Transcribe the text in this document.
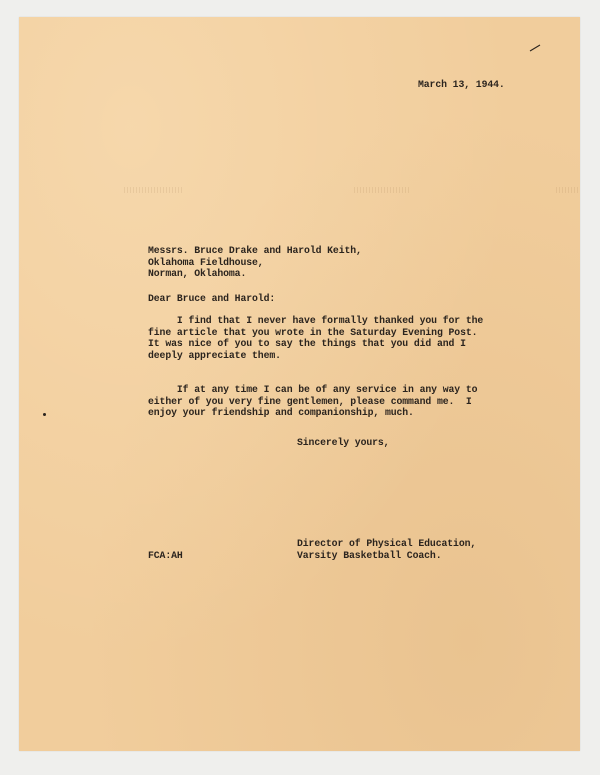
March 13, 1944.
Messrs. Bruce Drake and Harold Keith,
Oklahoma Fieldhouse,
Norman, Oklahoma.
Dear Bruce and Harold:
I find that I never have formally thanked you for the
fine article that you wrote in the Saturday Evening Post.
It was nice of you to say the things that you did and I
deeply appreciate them.
If at any time I can be of any service in any way to
either of you very fine gentlemen, please command me.  I
enjoy your friendship and companionship, much.
Sincerely yours,
Director of Physical Education,
Varsity Basketball Coach.
FCA:AH
